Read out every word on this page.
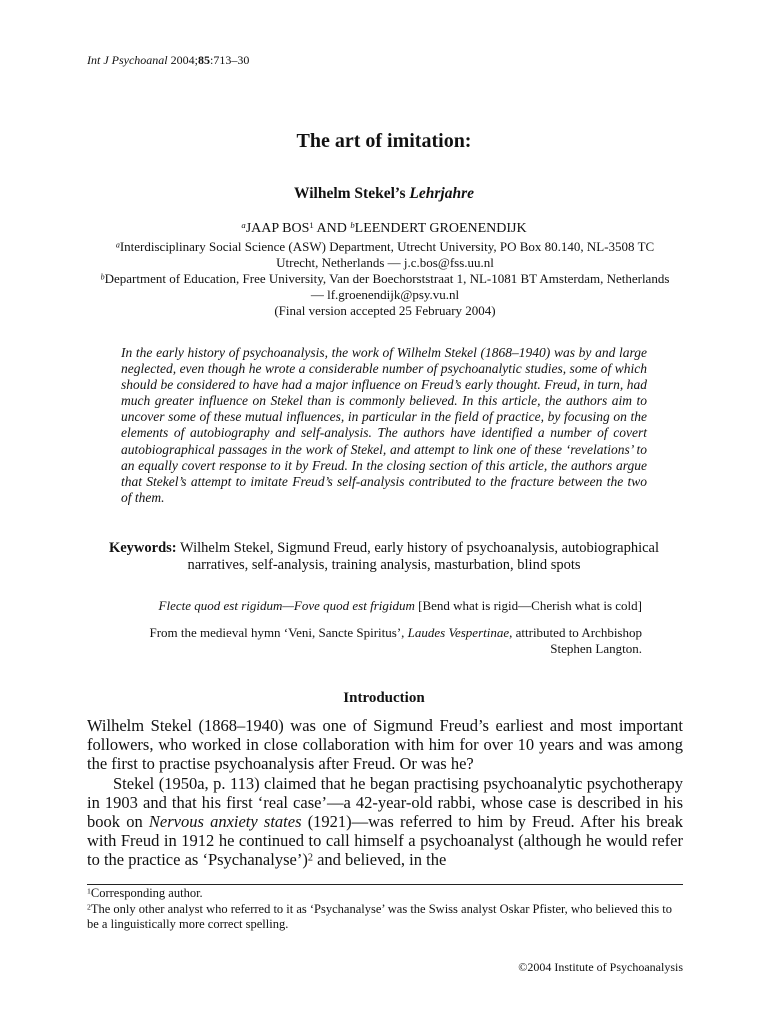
Int J Psychoanal 2004;85:713–30
The art of imitation:
Wilhelm Stekel’s Lehrjahre
$^a$JAAP BOS$^1$ AND $^b$LEENDERT GROENENDIJK
$^a$Interdisciplinary Social Science (ASW) Department, Utrecht University, PO Box 80.140, NL-3508 TC Utrecht, Netherlands — j.c.bos@fss.uu.nl
$^b$Department of Education, Free University, Van der Boechorststraat 1, NL-1081 BT Amsterdam, Netherlands — lf.groenendijk@psy.vu.nl
(Final version accepted 25 February 2004)
In the early history of psychoanalysis, the work of Wilhelm Stekel (1868–1940) was by and large neglected, even though he wrote a considerable number of psychoanalytic studies, some of which should be considered to have had a major influence on Freud’s early thought. Freud, in turn, had much greater influence on Stekel than is commonly believed. In this article, the authors aim to uncover some of these mutual influences, in particular in the field of practice, by focusing on the elements of autobiography and self-analysis. The authors have identified a number of covert autobiographical passages in the work of Stekel, and attempt to link one of these ‘revelations’ to an equally covert response to it by Freud. In the closing section of this article, the authors argue that Stekel’s attempt to imitate Freud’s self-analysis contributed to the fracture between the two of them.
Keywords: Wilhelm Stekel, Sigmund Freud, early history of psychoanalysis, autobiographical narratives, self-analysis, training analysis, masturbation, blind spots
Flecte quod est rigidum—Fove quod est frigidum [Bend what is rigid—Cherish what is cold]
From the medieval hymn ‘Veni, Sancte Spiritus’, Laudes Vespertinae, attributed to Archbishop Stephen Langton.
Introduction

Wilhelm Stekel (1868–1940) was one of Sigmund Freud’s earliest and most important followers, who worked in close collaboration with him for over 10 years and was among the first to practise psychoanalysis after Freud. Or was he?

Stekel (1950a, p. 113) claimed that he began practising psychoanalytic psychotherapy in 1903 and that his first ‘real case’—a 42-year-old rabbi, whose case is described in his book on Nervous anxiety states (1921)—was referred to him by Freud. After his break with Freud in 1912 he continued to call himself a psychoanalyst (although he would refer to the practice as ‘Psychanalyse’)$^2$ and believed, in the

$^1$Corresponding author.

$^2$The only other analyst who referred to it as ‘Psychanalyse’ was the Swiss analyst Oskar Pfister, who believed this to be a linguistically more correct spelling.

©2004 Institute of Psychoanalysis
